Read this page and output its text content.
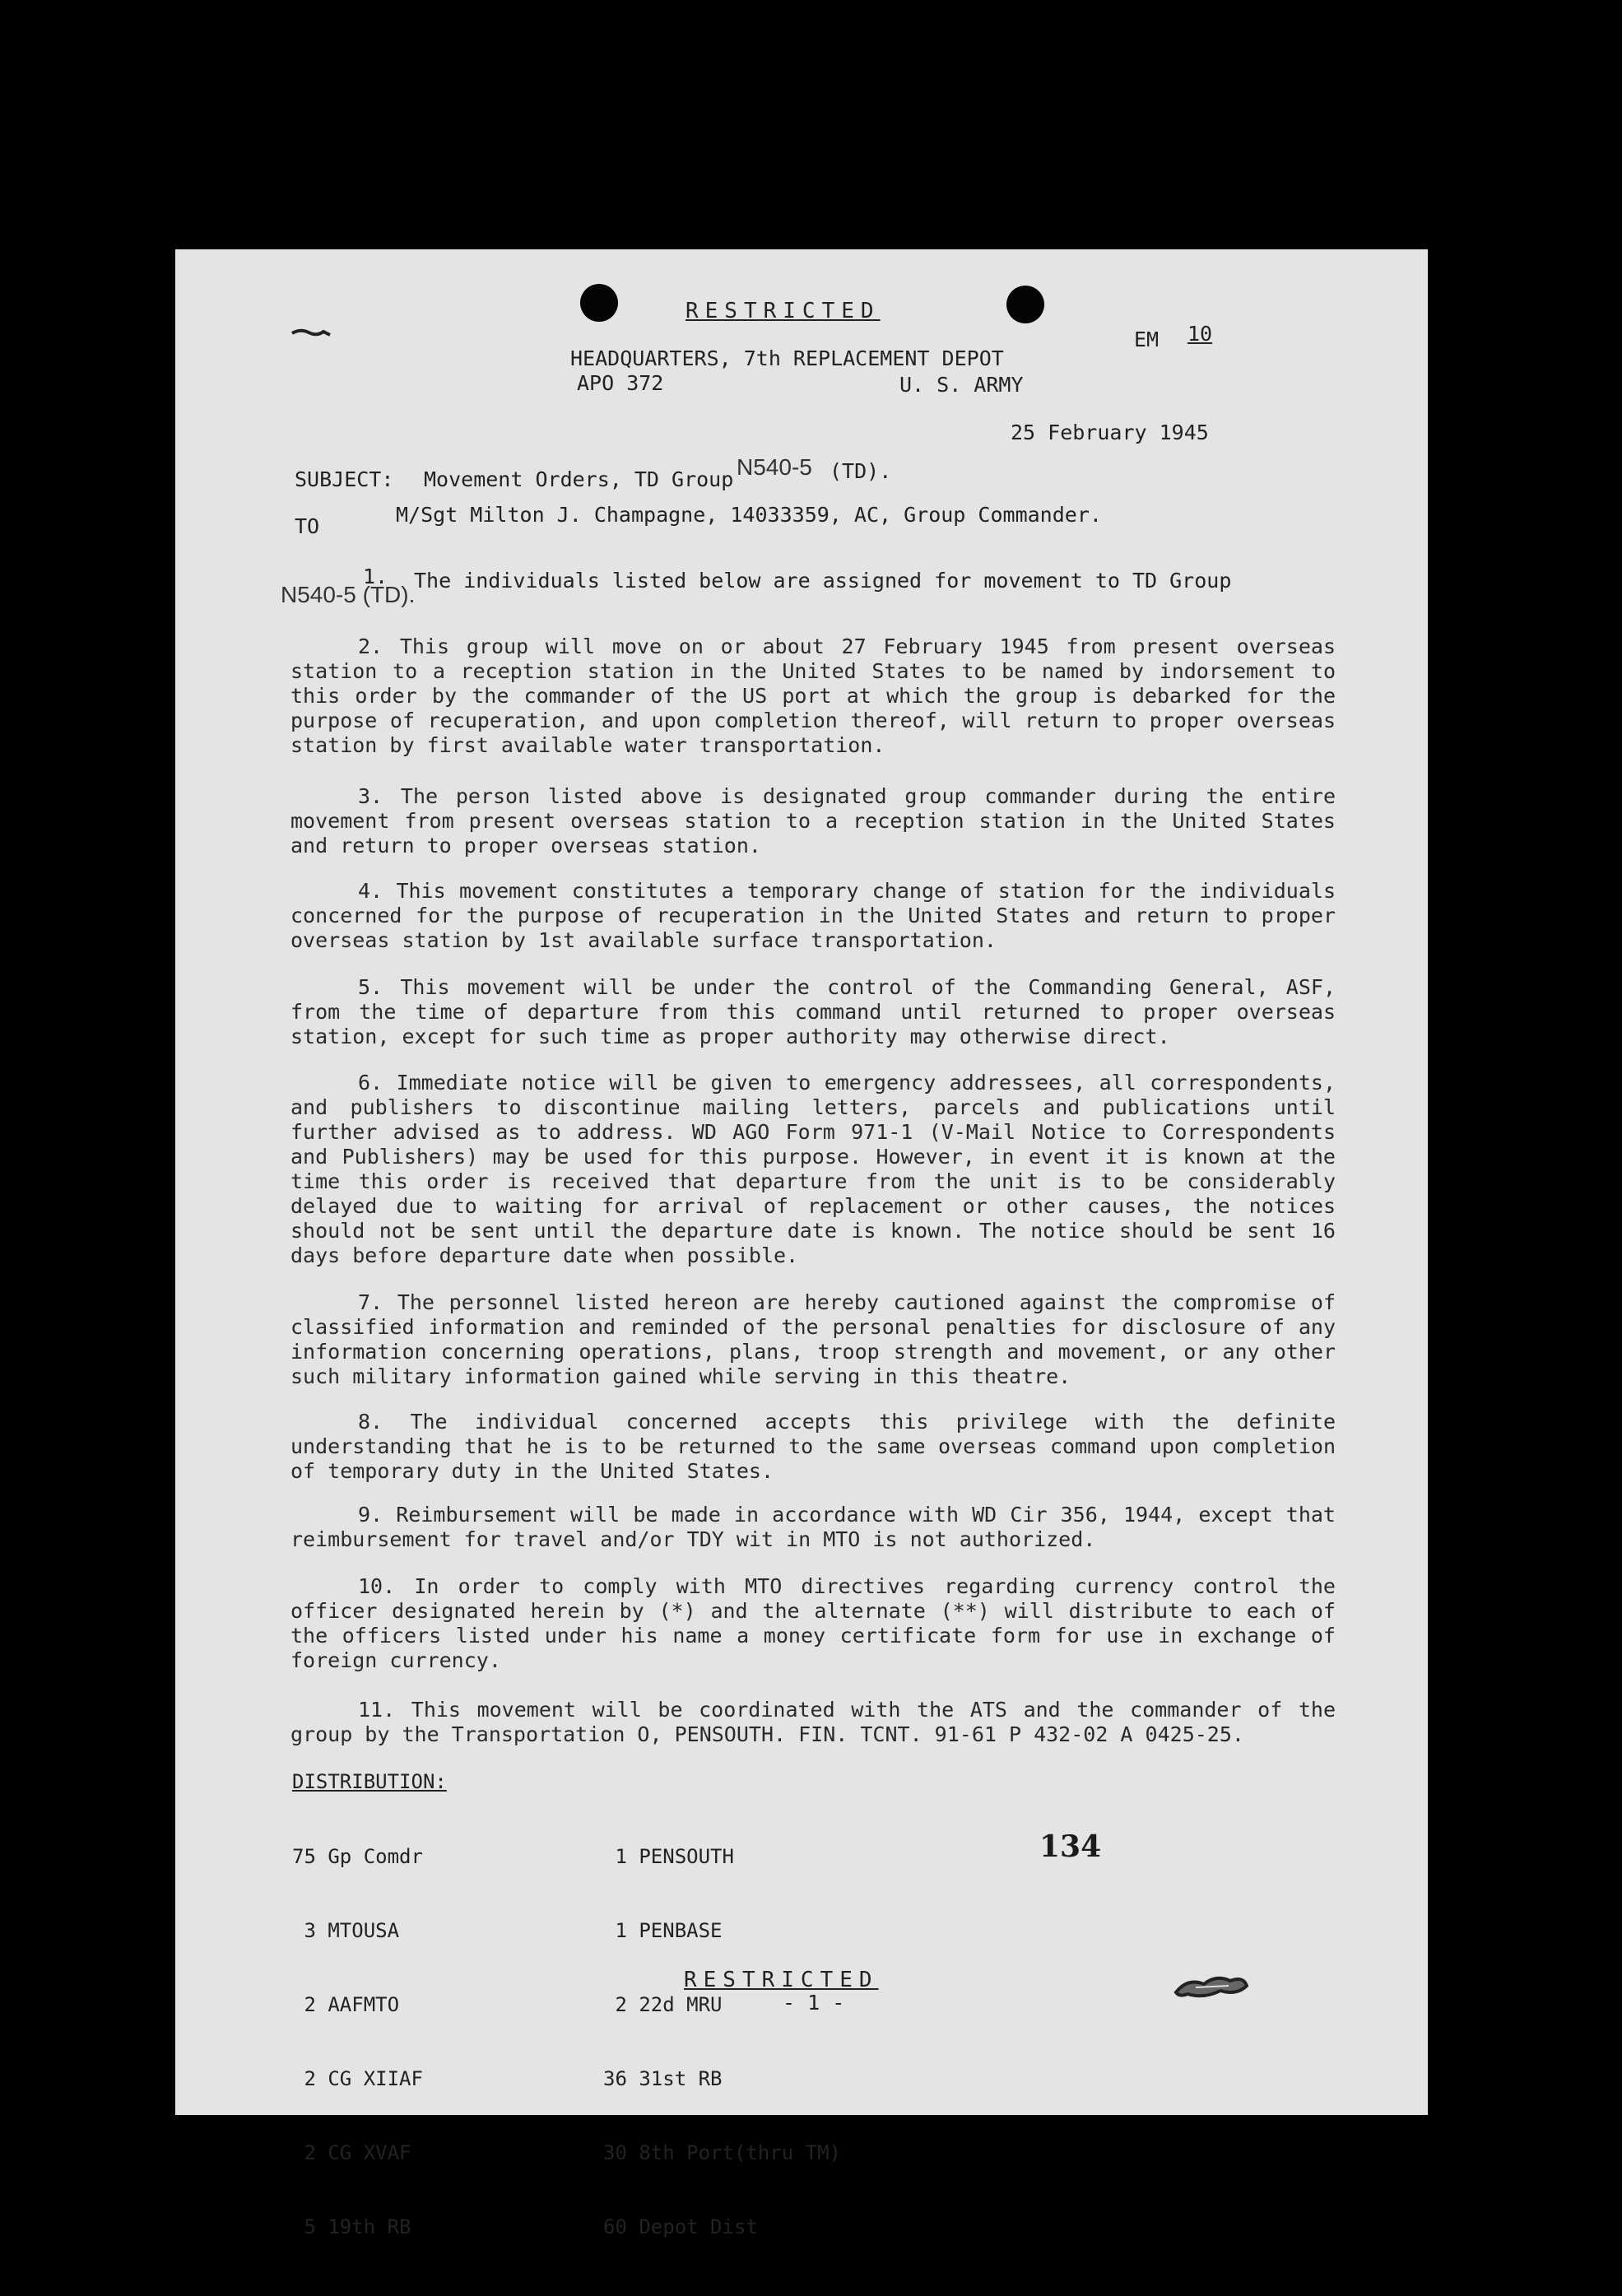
RESTRICTED
EM 10
HEADQUARTERS, 7th REPLACEMENT DEPOT
APO 372	U. S. ARMY
25 February 1945
SUBJECT: Movement Orders, TD Group N540-5 (TD).
TO	M/Sgt Milton J. Champagne, 14033359, AC, Group Commander.
1. The individuals listed below are assigned for movement to TD Group
N540-5 (TD).
2. This group will move on or about 27 February 1945 from present overseas station to a reception station in the United States to be named by indorsement to this order by the commander of the US port at which the group is debarked for the purpose of recuperation, and upon completion thereof, will return to proper overseas station by first available water transportation.
3. The person listed above is designated group commander during the entire movement from present overseas station to a reception station in the United States and return to proper overseas station.
4. This movement constitutes a temporary change of station for the individuals concerned for the purpose of recuperation in the United States and return to proper overseas station by 1st available surface transportation.
5. This movement will be under the control of the Commanding General, ASF, from the time of departure from this command until returned to proper overseas station, except for such time as proper authority may otherwise direct.
6. Immediate notice will be given to emergency addressees, all correspondents, and publishers to discontinue mailing letters, parcels and publications until further advised as to address. WD AGO Form 971-1 (V-Mail Notice to Correspondents and Publishers) may be used for this purpose. However, in event it is known at the time this order is received that departure from the unit is to be considerably delayed due to waiting for arrival of replacement or other causes, the notices should not be sent until the departure date is known. The notice should be sent 16 days before departure date when possible.
7. The personnel listed hereon are hereby cautioned against the compromise of classified information and reminded of the personal penalties for disclosure of any information concerning operations, plans, troop strength and movement, or any other such military information gained while serving in this theatre.
8. The individual concerned accepts this privilege with the definite understanding that he is to be returned to the same overseas command upon completion of temporary duty in the United States.
9. Reimbursement will be made in accordance with WD Cir 356, 1944, except that reimbursement for travel and/or TDY wit in MTO is not authorized.
10. In order to comply with MTO directives regarding currency control the officer designated herein by (*) and the alternate (**) will distribute to each of the officers listed under his name a money certificate form for use in exchange of foreign currency.
11. This movement will be coordinated with the ATS and the commander of the group by the Transportation O, PENSOUTH. FIN. TCNT. 91-61 P 432-02 A 0425-25.
DISTRIBUTION:

75 Gp Comdr

3 MTOUSA

2 AAFMTO

2 CG XIIAF

2 CG XVAF

5 19th RB

1 PENSOUTH

1 PENBASE

2 22d MRU

36 31st RB

30 8th Port(thru TM)

60 Depot Dist

134
RESTRICTED
- 1 -
